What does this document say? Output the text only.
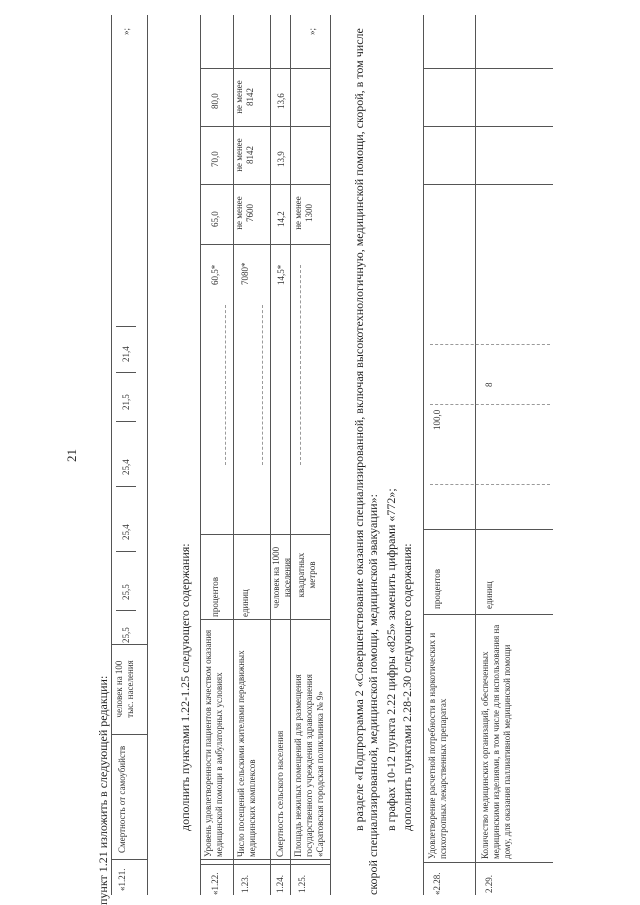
21
пункт 1.21 изложить в следующей редакции: «1.21.
Смертность от самоубийств
человек на 100 тыс. населения
25,5
25,5
25,4
25,4
21,5
21,4
»;
дополнить пунктами 1.22-1.25 следующего содержания:
«1.22.
Уровень удовлетворенности пациентов качеством оказания медицинской помощи в амбулаторных условиях
процентов
60,5*
65,0
70,0
80,0
1.23.
Число посещений сельскими жителями передвижных медицинских комплексов
единиц
7080*
не менее 7600
не менее 8142
не менее 8142
1.24.
Смертность сельского населения
человек на 1000 населения
14,5*
14,2
13,9
13,6
1.25.
Площадь нежилых помещений для размещения государственного учреждения здравоохранения «Саратовская городская поликлиника № 9»
квадратных метров
не менее 1300
»;	в разделе «Подпрограмма 2 «Совершенствование оказания специализированной, включая высокотехнологичную, медицинской помощи, скорой, в том числе скорой специализированной, медицинской помощи, медицинской эвакуации»: в графах 10-12 пункта 2.22 цифры «825» заменить цифрами «772»; дополнить пунктами 2.28-2.30 следующего содержания:
«2.28.
Удовлетворение расчетной потребности в наркотических и психотропных лекарственных препаратах
процентов
100,0
2.29.
Количество медицинских организаций, обеспеченных медицинскими изделиями, в том числе для использования на дому, для оказания паллиативной медицинской помощи
единиц
8
